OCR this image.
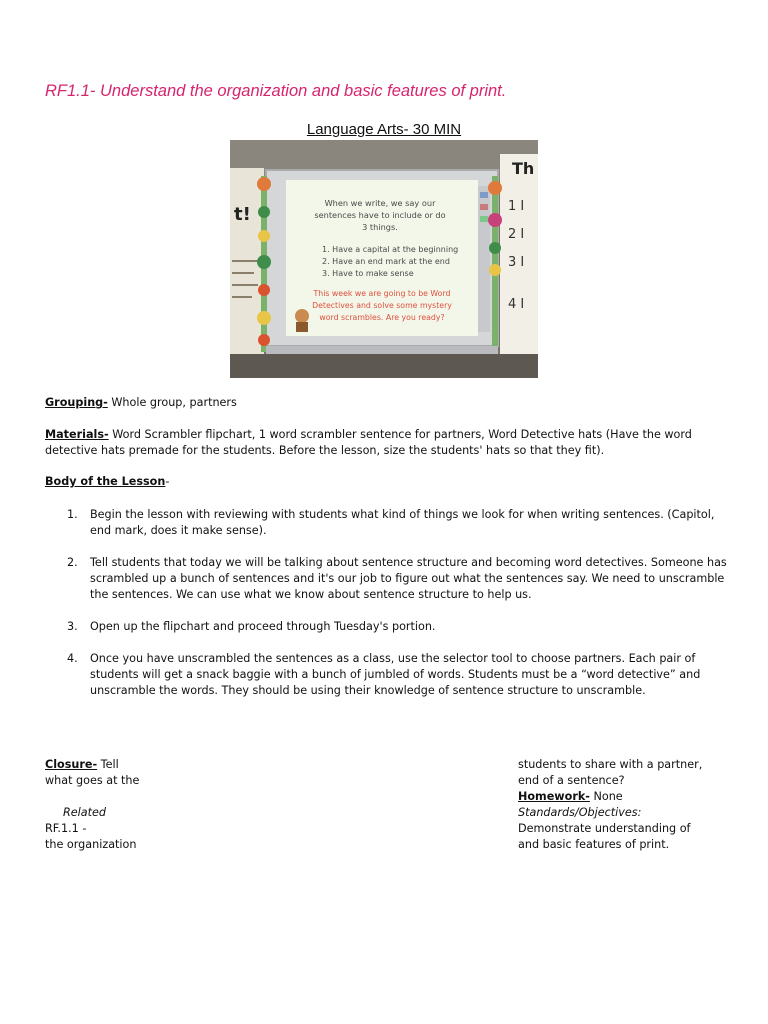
RF1.1- Understand the organization and basic features of print.
Language Arts- 30 MIN
t!
Th
1 I
2 I
3 I
4 I
When we write, we say our
sentences have to include or do
3 things.
1. Have a capital at the beginning
2. Have an end mark at the end
3. Have to make sense
This week we are going to be Word
Detectives and solve some mystery
word scrambles. Are you ready?
Grouping- Whole group, partners
Materials- Word Scrambler flipchart, 1 word scrambler sentence for partners, Word Detective hats (Have the word detective hats premade for the students. Before the lesson, size the students' hats so that they fit).
Body of the Lesson-
1. Begin the lesson with reviewing with students what kind of things we look for when writing sentences. (Capitol, end mark, does it make sense).
2. Tell students that today we will be talking about sentence structure and becoming word detectives. Someone has scrambled up a bunch of sentences and it's our job to figure out what the sentences say. We need to unscramble the sentences. We can use what we know about sentence structure to help us.
3. Open up the flipchart and proceed through Tuesday's portion.
4. Once you have unscrambled the sentences as a class, use the selector tool to choose partners. Each pair of students will get a snack baggie with a bunch of jumbled of words. Students must be a “word detective” and unscramble the words. They should be using their knowledge of sentence structure to unscramble.
Closure- Tell
what goes at the

Related
RF.1.1 -
the organization
students to share with a partner,
end of a sentence?
Homework- None
Standards/Objectives:
Demonstrate understanding of
and basic features of print.
